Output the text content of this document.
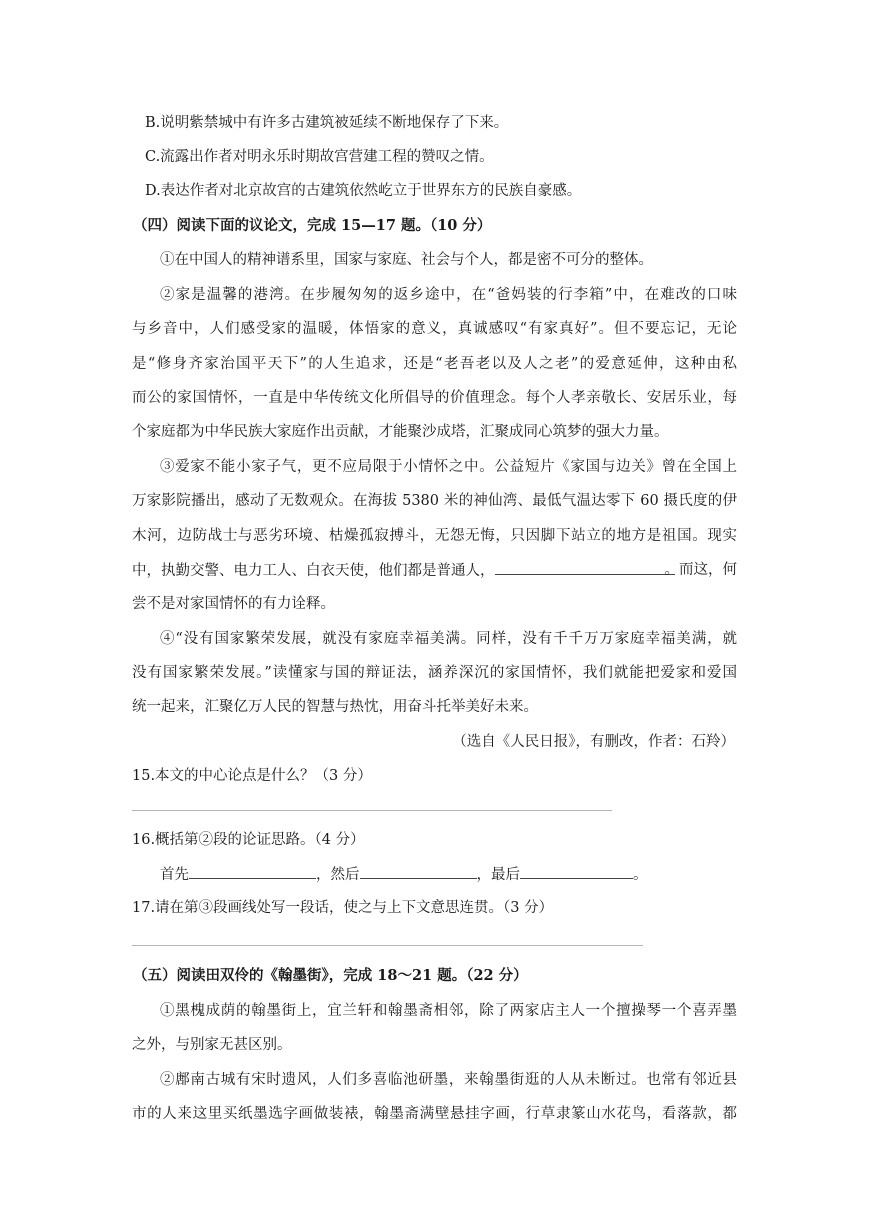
B.说明紫禁城中有许多古建筑被延续不断地保存了下来。
C.流露出作者对明永乐时期故宫营建工程的赞叹之情。
D.表达作者对北京故宫的古建筑依然屹立于世界东方的民族自豪感。
（四）阅读下面的议论文，完成 15—17 题。（10 分）
①在中国人的精神谱系里，国家与家庭、社会与个人，都是密不可分的整体。
②家是温馨的港湾。在步履匆匆的返乡途中，在“爸妈装的行李箱”中，在难改的口味
与乡音中，人们感受家的温暖，体悟家的意义，真诚感叹“有家真好”。但不要忘记，无论
是“修身齐家治国平天下”的人生追求，还是“老吾老以及人之老”的爱意延伸，这种由私
而公的家国情怀，一直是中华传统文化所倡导的价值理念。每个人孝亲敬长、安居乐业，每
个家庭都为中华民族大家庭作出贡献，才能聚沙成塔，汇聚成同心筑梦的强大力量。
③爱家不能小家子气，更不应局限于小情怀之中。公益短片《家国与边关》曾在全国上
万家影院播出，感动了无数观众。在海拔 5380 米的神仙湾、最低气温达零下 60 摄氏度的伊
木河，边防战士与恶劣环境、枯燥孤寂搏斗，无怨无悔，只因脚下站立的地方是祖国。现实
中，执勤交警、电力工人、白衣天使，他们都是普通人，	。而这，何
尝不是对家国情怀的有力诠释。
④“没有国家繁荣发展，就没有家庭幸福美满。同样，没有千千万万家庭幸福美满，就
没有国家繁荣发展。”读懂家与国的辩证法，涵养深沉的家国情怀，我们就能把爱家和爱国
统一起来，汇聚亿万人民的智慧与热忱，用奋斗托举美好未来。
（选自《人民日报》，有删改，作者：石羚）
15.本文的中心论点是什么？（3 分）
16.概括第②段的论证思路。（4 分）
首先	，然后	，最后	。
17.请在第③段画线处写一段话，使之与上下文意思连贯。（3 分）
（五）阅读田双伶的《翰墨街》，完成 18～21 题。（22 分）
①黑槐成荫的翰墨街上，宜兰轩和翰墨斋相邻，除了两家店主人一个擅操琴一个喜弄墨
之外，与别家无甚区别。
②鄌南古城有宋时遗风，人们多喜临池研墨，来翰墨街逛的人从未断过。也常有邻近县
市的人来这里买纸墨选字画做装裱，翰墨斋满壁悬挂字画，行草隶篆山水花鸟，看落款，都
